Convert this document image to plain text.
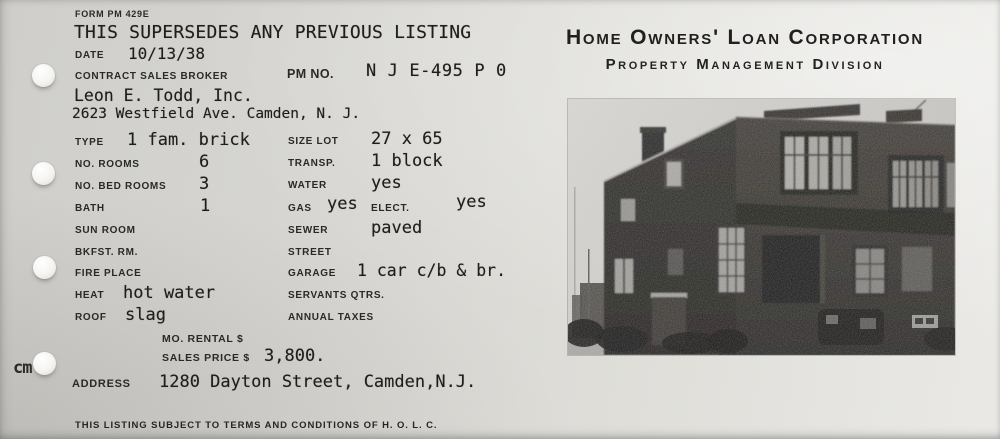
Home Owners' Loan Corporation
Property Management Division
FORM PM 429E
THIS SUPERSEDES ANY PREVIOUS LISTING
DATE 10/13/38
CONTRACT SALES BROKER	PM NO. N J E-495 P 0
Leon E. Todd, Inc.
2623 Westfield Ave. Camden, N. J.
TYPE 1 fam. brick
NO. ROOMS	6
NO. BED ROOMS 3
BATH	1
SUN ROOM
BKFST. RM.
FIRE PLACE
HEAT hot water
ROOF slag
SIZE LOT 27 x 65
TRANSP. 1 block
WATER	yes
GAS yes ELECT.	yes
SEWER	paved
STREET
GARAGE 1 car c/b & br.
SERVANTS QTRS.
ANNUAL TAXES
MO. RENTAL $
SALES PRICE $ 3,800.
ADDRESS 1280 Dayton Street, Camden,N.J.
cm
THIS LISTING SUBJECT TO TERMS AND CONDITIONS OF H. O. L. C.
